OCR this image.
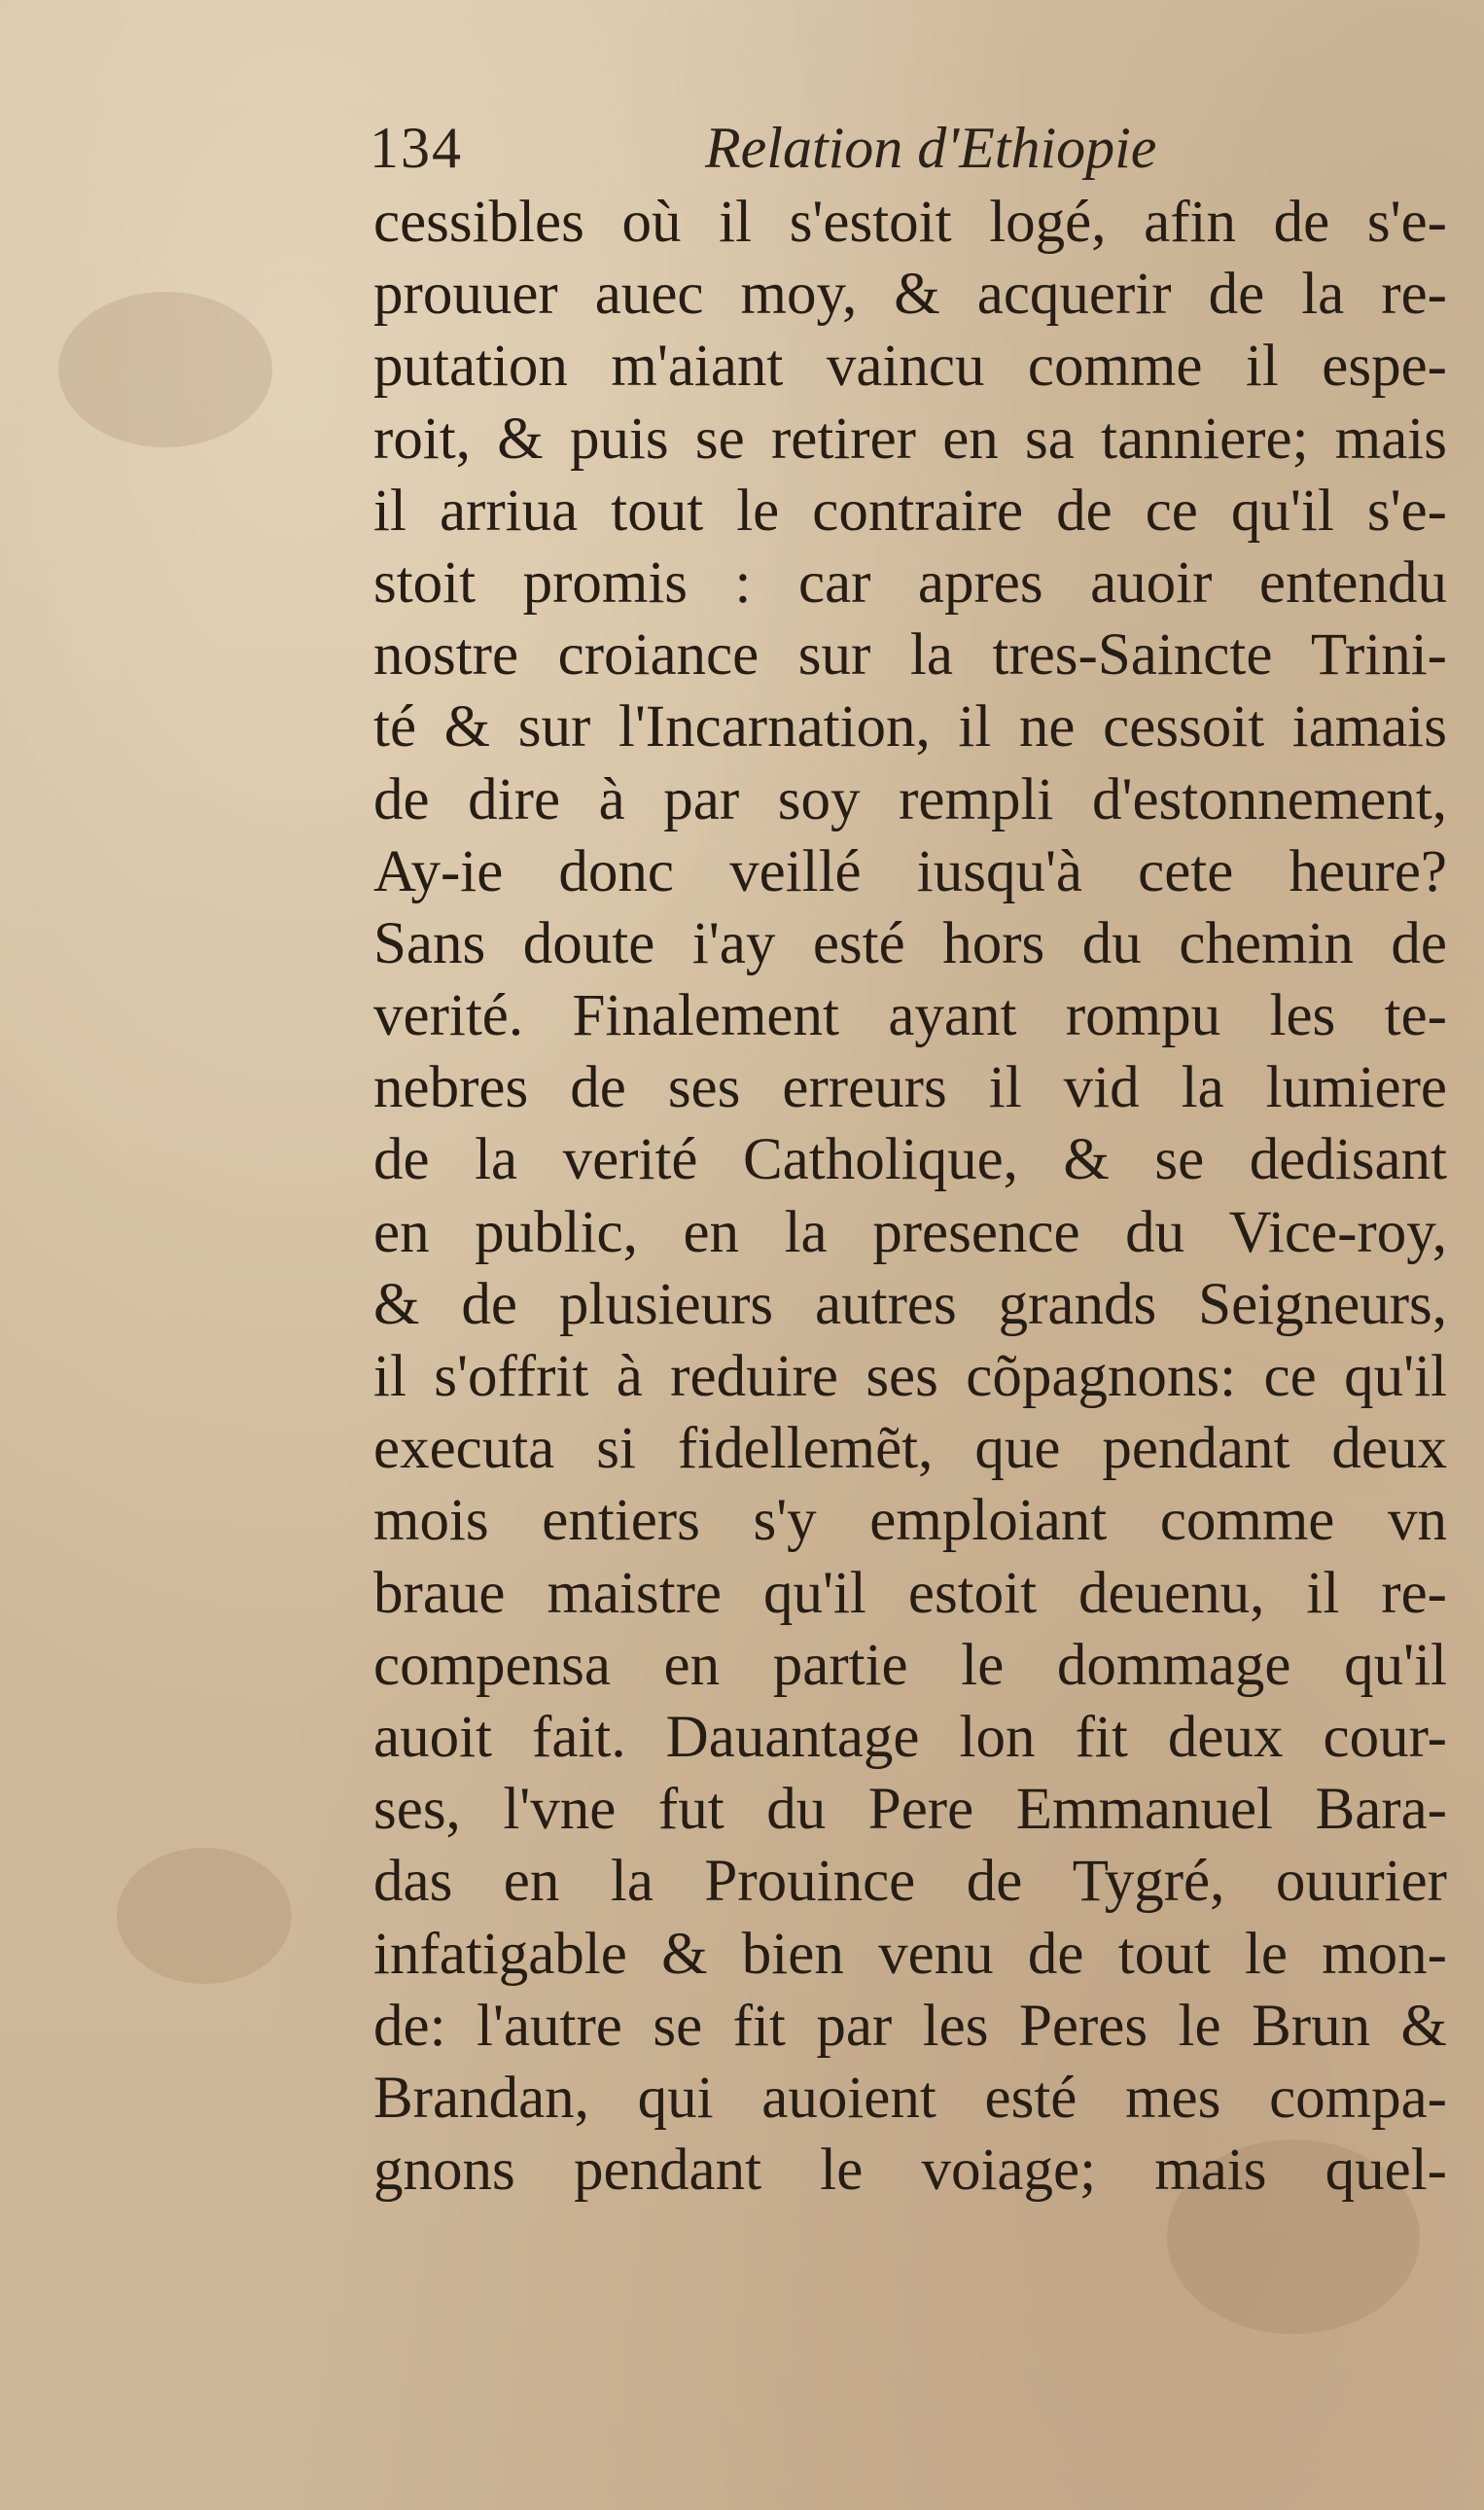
134	Relation d'Ethiopie
cessibles où il s'estoit logé, afin de s'e-
prouuer auec moy, & acquerir de la re-
putation m'aiant vaincu comme il espe-
roit, & puis se retirer en sa tanniere; mais
il arriua tout le contraire de ce qu'il s'e-
stoit promis : car apres auoir entendu
nostre croiance sur la tres-Saincte Trini-
té & sur l'Incarnation, il ne cessoit iamais
de dire à par soy rempli d'estonnement,
Ay-ie donc veillé iusqu'à cete heure?
Sans doute i'ay esté hors du chemin de
verité. Finalement ayant rompu les te-
nebres de ses erreurs il vid la lumiere
de la verité Catholique, & se dedisant
en public, en la presence du Vice-roy,
& de plusieurs autres grands Seigneurs,
il s'offrit à reduire ses cõpagnons: ce qu'il
executa si fidellemẽt, que pendant deux
mois entiers s'y emploiant comme vn
braue maistre qu'il estoit deuenu, il re-
compensa en partie le dommage qu'il
auoit fait. Dauantage lon fit deux cour-
ses, l'vne fut du Pere Emmanuel Bara-
das en la Prouince de Tygré, ouurier
infatigable & bien venu de tout le mon-
de: l'autre se fit par les Peres le Brun &
Brandan, qui auoient esté mes compa-
gnons pendant le voiage; mais quel-
